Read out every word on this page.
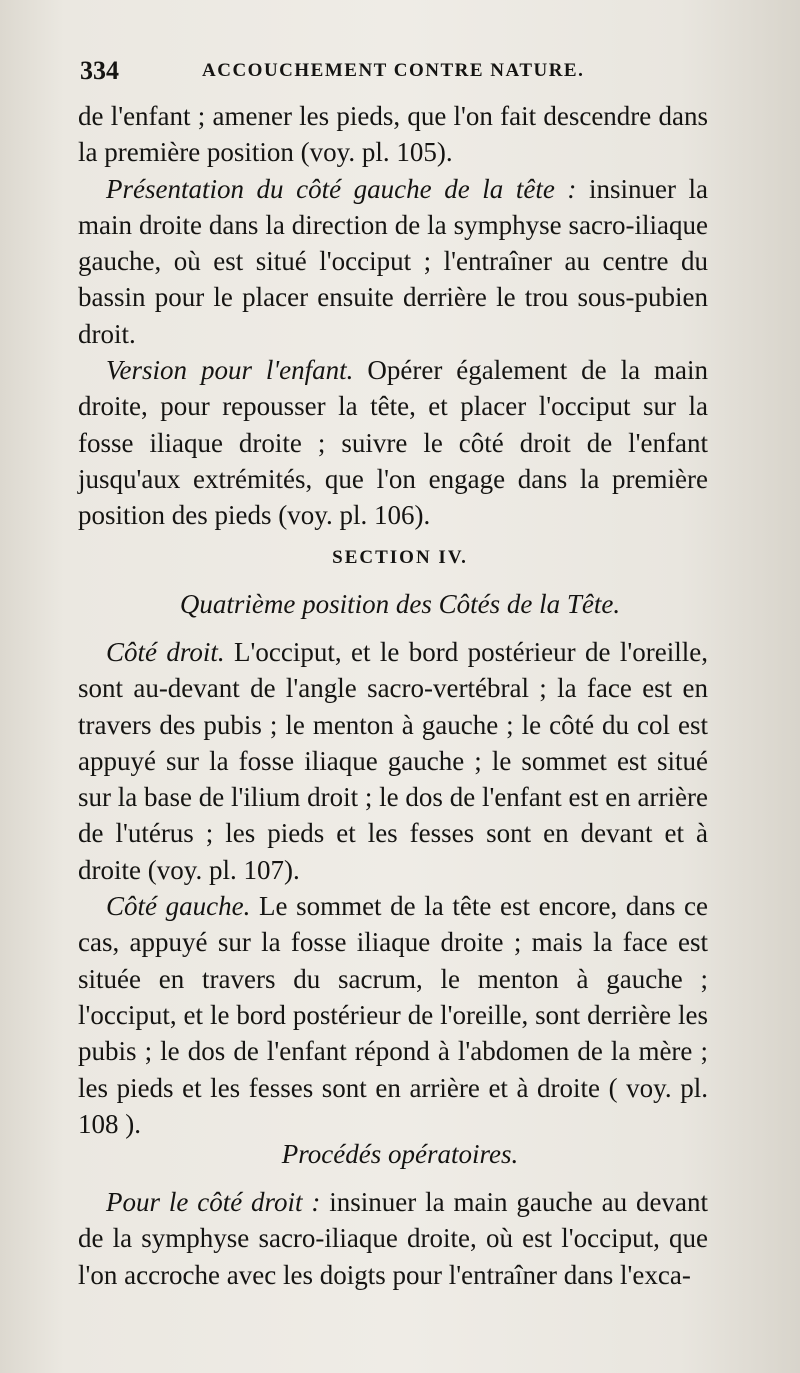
334	ACCOUCHEMENT CONTRE NATURE.

de l'enfant ; amener les pieds, que l'on fait descendre dans la première position (voy. pl. 105).

Présentation du côté gauche de la tête : insinuer la main droite dans la direction de la symphyse sacro-iliaque gauche, où est situé l'occiput ; l'entraîner au centre du bassin pour le placer ensuite derrière le trou sous-pubien droit.

Version pour l'enfant. Opérer également de la main droite, pour repousser la tête, et placer l'occiput sur la fosse iliaque droite ; suivre le côté droit de l'enfant jusqu'aux extrémités, que l'on engage dans la première position des pieds (voy. pl. 106).

SECTION IV.
Quatrième position des Côtés de la Tête.

Côté droit. L'occiput, et le bord postérieur de l'oreille, sont au-devant de l'angle sacro-vertébral ; la face est en travers des pubis ; le menton à gauche ; le côté du col est appuyé sur la fosse iliaque gauche ; le sommet est situé sur la base de l'ilium droit ; le dos de l'enfant est en arrière de l'utérus ; les pieds et les fesses sont en devant et à droite (voy. pl. 107).

Côté gauche. Le sommet de la tête est encore, dans ce cas, appuyé sur la fosse iliaque droite ; mais la face est située en travers du sacrum, le menton à gauche ; l'occiput, et le bord postérieur de l'oreille, sont derrière les pubis ; le dos de l'enfant répond à l'abdomen de la mère ; les pieds et les fesses sont en arrière et à droite ( voy. pl. 108 ).

Procédés opératoires.

Pour le côté droit : insinuer la main gauche au devant de la symphyse sacro-iliaque droite, où est l'occiput, que l'on accroche avec les doigts pour l'entraîner dans l'exca-
